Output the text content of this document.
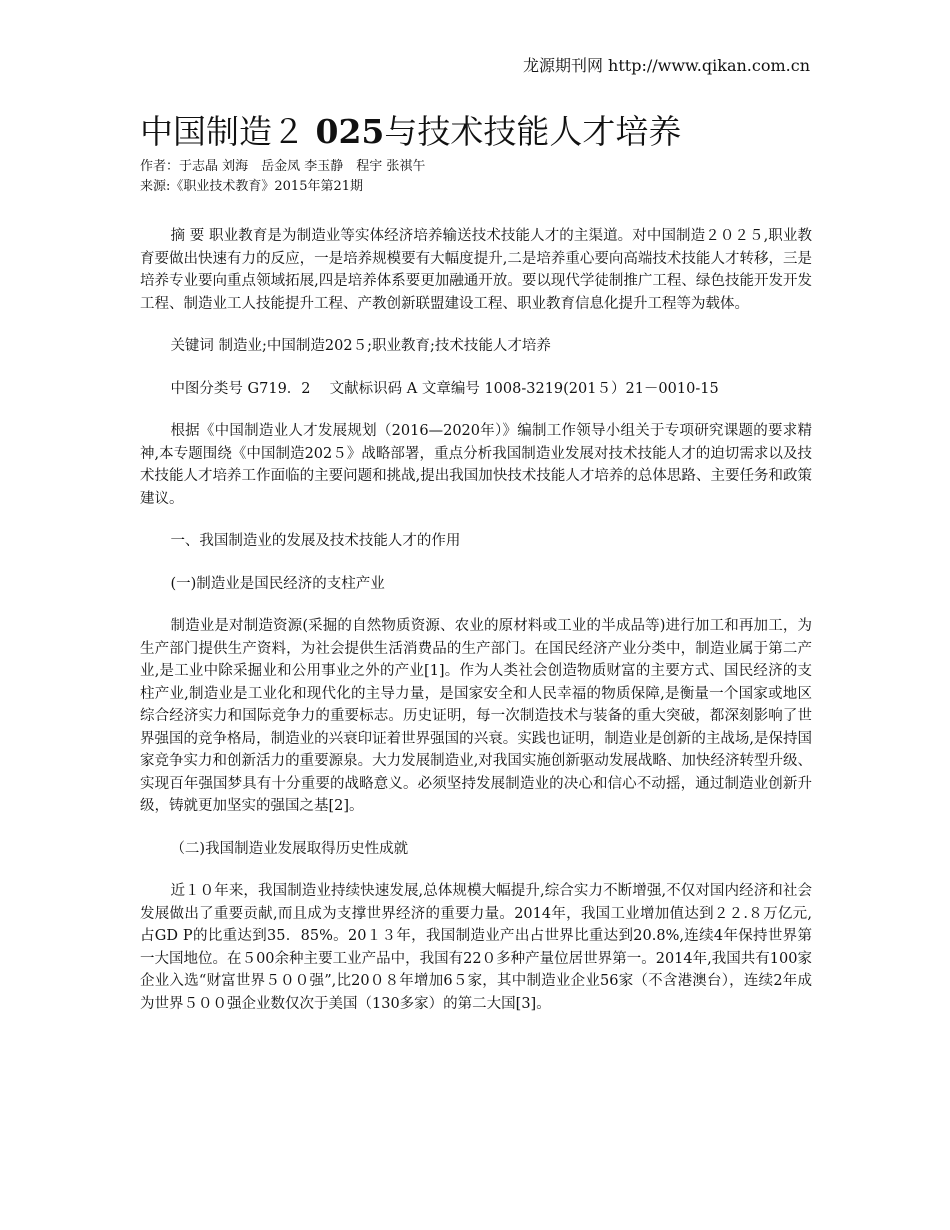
龙源期刊网 http://www.qikan.com.cn
中国制造２ 025与技术技能人才培养
作者：于志晶 刘海　岳金凤 李玉静　程宇 张祺午
来源:《职业技术教育》2015年第21期

摘 要 职业教育是为制造业等实体经济培养输送技术技能人才的主渠道。对中国制造２０２５,职业教育要做出快速有力的反应，一是培养规模要有大幅度提升,二是培养重心要向高端技术技能人才转移，三是培养专业要向重点领域拓展,四是培养体系要更加融通开放。要以现代学徒制推广工程、绿色技能开发开发工程、制造业工人技能提升工程、产教创新联盟建设工程、职业教育信息化提升工程等为载体。

关键词 制造业;中国制造202５;职业教育;技术技能人才培养

中图分类号 G719．2　 文献标识码 A 文章编号 1008-3219(201５）21－0010-15

根据《中国制造业人才发展规划（2016—2020年）》编制工作领导小组关于专项研究课题的要求精神,本专题围绕《中国制造202５》战略部署，重点分析我国制造业发展对技术技能人才的迫切需求以及技术技能人才培养工作面临的主要问题和挑战,提出我国加快技术技能人才培养的总体思路、主要任务和政策建议。

一、我国制造业的发展及技术技能人才的作用

(一)制造业是国民经济的支柱产业

制造业是对制造资源(采掘的自然物质资源、农业的原材料或工业的半成品等)进行加工和再加工，为生产部门提供生产资料，为社会提供生活消费品的生产部门。在国民经济产业分类中，制造业属于第二产业,是工业中除采掘业和公用事业之外的产业[1]。作为人类社会创造物质财富的主要方式、国民经济的支柱产业,制造业是工业化和现代化的主导力量，是国家安全和人民幸福的物质保障,是衡量一个国家或地区综合经济实力和国际竞争力的重要标志。历史证明，每一次制造技术与装备的重大突破，都深刻影响了世界强国的竞争格局，制造业的兴衰印证着世界强国的兴衰。实践也证明，制造业是创新的主战场,是保持国家竞争实力和创新活力的重要源泉。大力发展制造业,对我国实施创新驱动发展战略、加快经济转型升级、实现百年强国梦具有十分重要的战略意义。必须坚持发展制造业的决心和信心不动摇，通过制造业创新升级，铸就更加坚实的强国之基[2]。

（二)我国制造业发展取得历史性成就

近１０年来，我国制造业持续快速发展,总体规模大幅提升,综合实力不断增强,不仅对国内经济和社会发展做出了重要贡献,而且成为支撑世界经济的重要力量。2014年，我国工业增加值达到２２.８万亿元,占GD P的比重达到35．85%。20１３年，我国制造业产出占世界比重达到20.8%,连续4年保持世界第一大国地位。在５00余种主要工业产品中，我国有22０多种产量位居世界第一。2014年,我国共有100家企业入选“财富世界５００强”,比20０８年增加6５家，其中制造业企业56家（不含港澳台），连续2年成为世界５００强企业数仅次于美国（130多家）的第二大国[3]。
